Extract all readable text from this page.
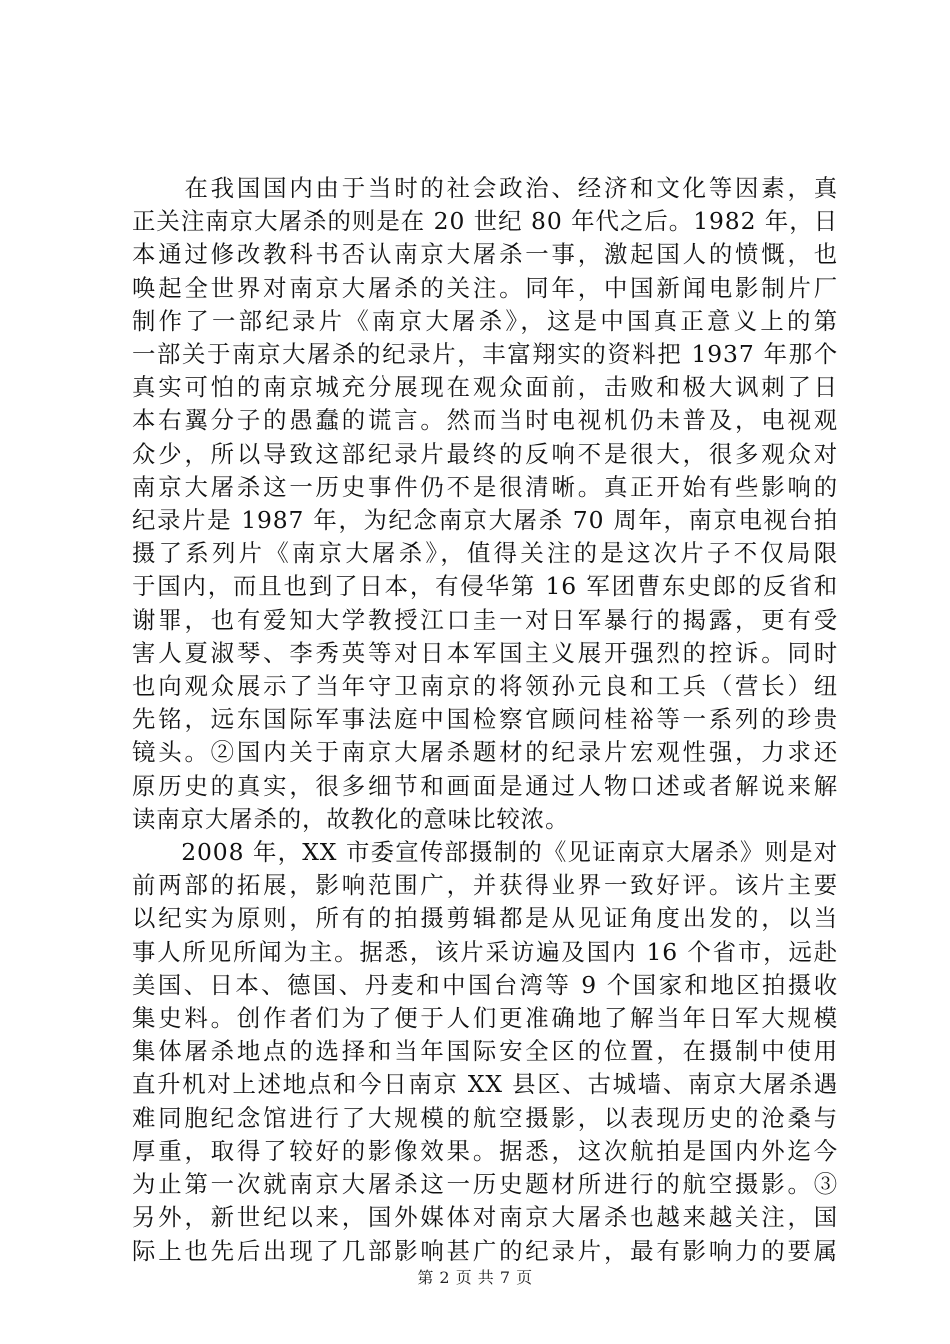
　　在我国国内由于当时的社会政治、经济和文化等因素，真
正关注南京大屠杀的则是在 20 世纪 80 年代之后。1982 年，日
本通过修改教科书否认南京大屠杀一事，激起国人的愤慨，也
唤起全世界对南京大屠杀的关注。同年，中国新闻电影制片厂
制作了一部纪录片《南京大屠杀》，这是中国真正意义上的第
一部关于南京大屠杀的纪录片，丰富翔实的资料把 1937 年那个
真实可怕的南京城充分展现在观众面前，击败和极大讽刺了日
本右翼分子的愚蠢的谎言。然而当时电视机仍未普及，电视观
众少，所以导致这部纪录片最终的反响不是很大，很多观众对
南京大屠杀这一历史事件仍不是很清晰。真正开始有些影响的
纪录片是 1987 年，为纪念南京大屠杀 70 周年，南京电视台拍
摄了系列片《南京大屠杀》，值得关注的是这次片子不仅局限
于国内，而且也到了日本，有侵华第 16 军团曹东史郎的反省和
谢罪，也有爱知大学教授江口圭一对日军暴行的揭露，更有受
害人夏淑琴、李秀英等对日本军国主义展开强烈的控诉。同时
也向观众展示了当年守卫南京的将领孙元良和工兵（营长）纽
先铭，远东国际军事法庭中国检察官顾问桂裕等一系列的珍贵
镜头。②国内关于南京大屠杀题材的纪录片宏观性强，力求还
原历史的真实，很多细节和画面是通过人物口述或者解说来解
读南京大屠杀的，故教化的意味比较浓。

　　2008 年，XX 市委宣传部摄制的《见证南京大屠杀》则是对
前两部的拓展，影响范围广，并获得业界一致好评。该片主要
以纪实为原则，所有的拍摄剪辑都是从见证角度出发的，以当
事人所见所闻为主。据悉，该片采访遍及国内 16 个省市，远赴
美国、日本、德国、丹麦和中国台湾等 9 个国家和地区拍摄收
集史料。创作者们为了便于人们更准确地了解当年日军大规模
集体屠杀地点的选择和当年国际安全区的位置，在摄制中使用
直升机对上述地点和今日南京 XX 县区、古城墙、南京大屠杀遇
难同胞纪念馆进行了大规模的航空摄影，以表现历史的沧桑与
厚重，取得了较好的影像效果。据悉，这次航拍是国内外迄今
为止第一次就南京大屠杀这一历史题材所进行的航空摄影。③
另外，新世纪以来，国外媒体对南京大屠杀也越来越关注，国
际上也先后出现了几部影响甚广的纪录片，最有影响力的要属

第 2 页 共 7 页
